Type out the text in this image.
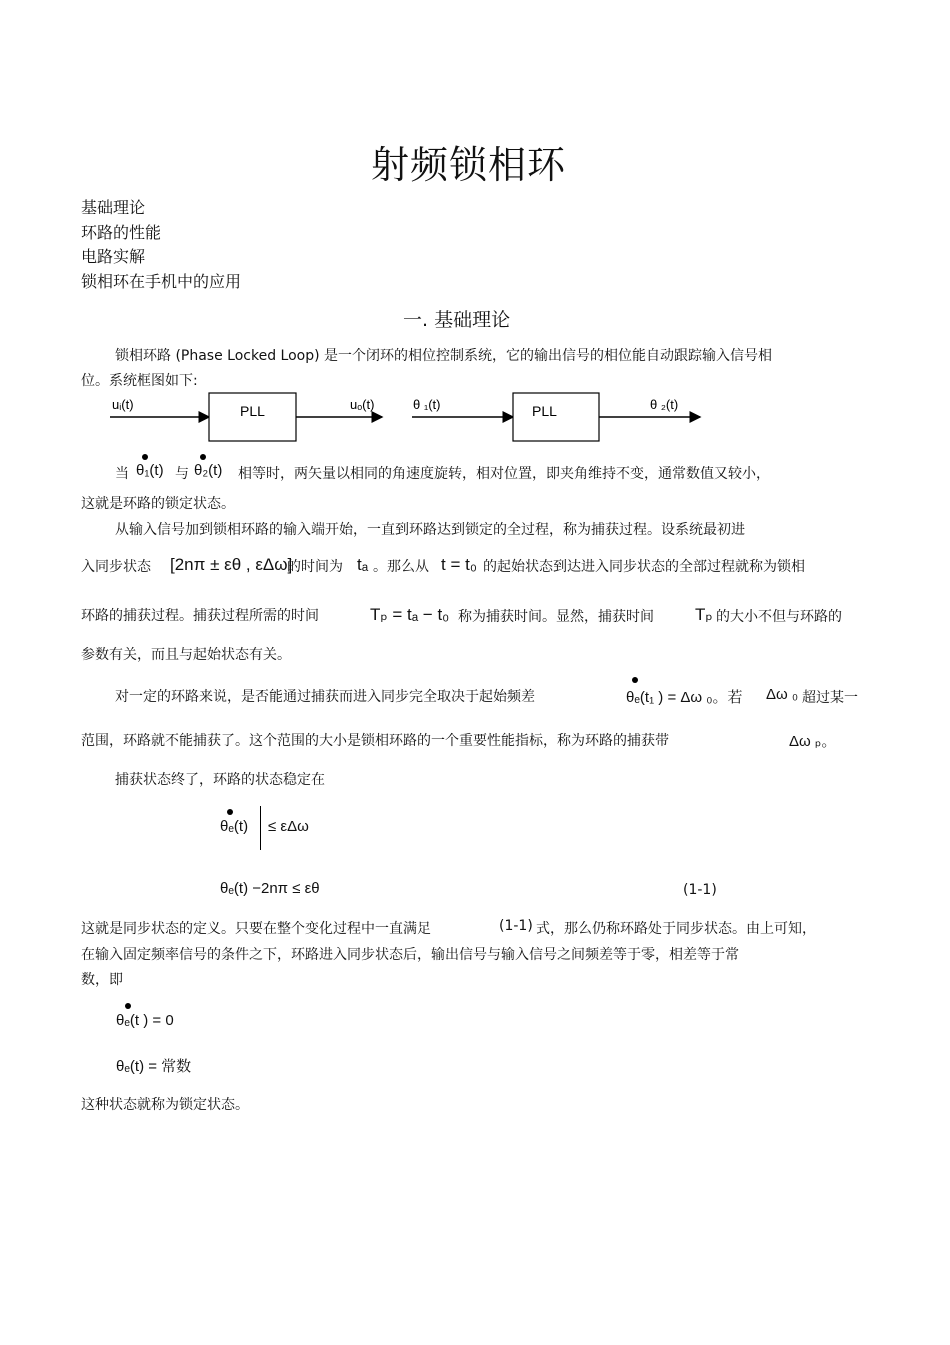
射频锁相环
基础理论
环路的性能
电路实解
锁相环在手机中的应用
一. 基础理论
锁相环路 (Phase Locked Loop) 是一个闭环的相位控制系统，它的输出信号的相位能自动跟踪输入信号相
位。系统框图如下:
uᵢ(t)	PLL	uₒ(t)	θ ₁(t)	PLL	θ ₂(t)
当 θ₁(t) 与 θ₂(t) 相等时，两矢量以相同的角速度旋转，相对位置，即夹角维持不变，通常数值又较小，
这就是环路的锁定状态。
从输入信号加到锁相环路的输入端开始，一直到环路达到锁定的全过程，称为捕获过程。设系统最初进
入同步状态 [2nπ ± εθ , εΔω]
的时间为 tₐ 。那么从 t = t₀ 的起始状态到达进入同步状态的全部过程就称为锁相
环路的捕获过程。捕获过程所需的时间	Tₚ = tₐ − t₀ 称为捕获时间。显然，捕获时间 Tₚ 的大小不但与环路的
参数有关，而且与起始状态有关。
对一定的环路来说，是否能通过捕获而进入同步完全取决于起始频差	θₑ(t₁ ) = Δω ₀。若 Δω ₀ 超过某一
范围，环路就不能捕获了。这个范围的大小是锁相环路的一个重要性能指标，称为环路的捕获带	Δω ₚ。
捕获状态终了，环路的状态稳定在
θₑ(t) ≤ εΔω
θₑ(t) −2nπ ≤ εθ	(1-1)
这就是同步状态的定义。只要在整个变化过程中一直满足	(1-1) 式，那么仍称环路处于同步状态。由上可知，
在输入固定频率信号的条件之下，环路进入同步状态后，输出信号与输入信号之间频差等于零，相差等于常
数，即
θₑ(t ) = 0
θₑ(t) = 常数
这种状态就称为锁定状态。
